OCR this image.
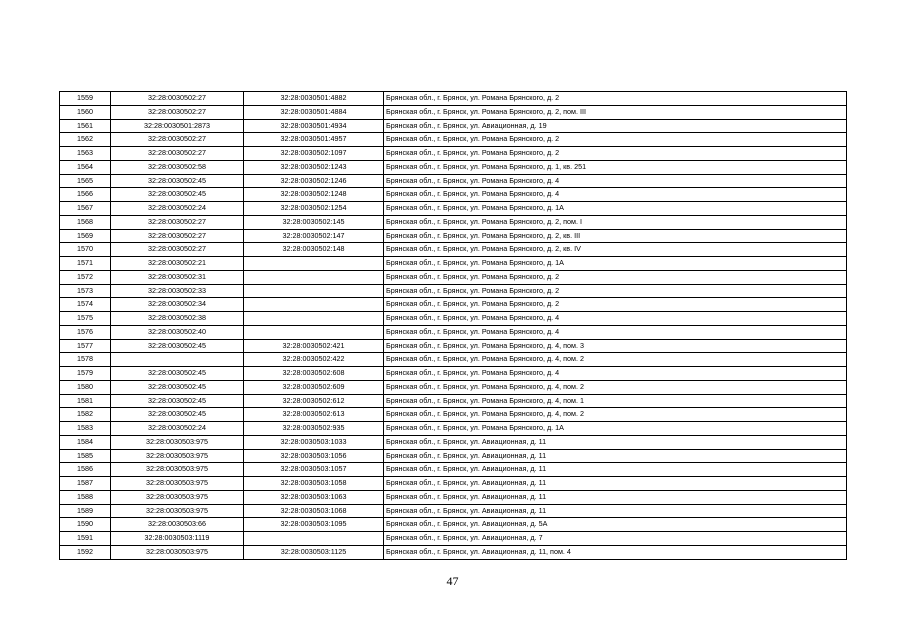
1559	32:28:0030502:27	32:28:0030501:4882	Брянская обл., г. Брянск, ул. Романа Брянского, д. 2
1560	32:28:0030502:27	32:28:0030501:4884	Брянская обл., г. Брянск, ул. Романа Брянского, д. 2, пом. III
1561	32:28:0030501:2873	32:28:0030501:4934	Брянская обл., г. Брянск, ул. Авиационная, д. 19
1562	32:28:0030502:27	32:28:0030501:4957	Брянская обл., г. Брянск, ул. Романа Брянского, д. 2
1563	32:28:0030502:27	32:28:0030502:1097	Брянская обл., г. Брянск, ул. Романа Брянского, д. 2
1564	32:28:0030502:58	32:28:0030502:1243	Брянская обл., г. Брянск, ул. Романа Брянского, д. 1, кв. 251
1565	32:28:0030502:45	32:28:0030502:1246	Брянская обл., г. Брянск, ул. Романа Брянского, д. 4
1566	32:28:0030502:45	32:28:0030502:1248	Брянская обл., г. Брянск, ул. Романа Брянского, д. 4
1567	32:28:0030502:24	32:28:0030502:1254	Брянская обл., г. Брянск, ул. Романа Брянского, д. 1А
1568	32:28:0030502:27	32:28:0030502:145	Брянская обл., г. Брянск, ул. Романа Брянского, д. 2, пом. I
1569	32:28:0030502:27	32:28:0030502:147	Брянская обл., г. Брянск, ул. Романа Брянского, д. 2, кв. III
1570	32:28:0030502:27	32:28:0030502:148	Брянская обл., г. Брянск, ул. Романа Брянского, д. 2, кв. IV
1571	32:28:0030502:21		Брянская обл., г. Брянск, ул. Романа Брянского, д. 1А
1572	32:28:0030502:31		Брянская обл., г. Брянск, ул. Романа Брянского, д. 2
1573	32:28:0030502:33		Брянская обл., г. Брянск, ул. Романа Брянского, д. 2
1574	32:28:0030502:34		Брянская обл., г. Брянск, ул. Романа Брянского, д. 2
1575	32:28:0030502:38		Брянская обл., г. Брянск, ул. Романа Брянского, д. 4
1576	32:28:0030502:40		Брянская обл., г. Брянск, ул. Романа Брянского, д. 4
1577	32:28:0030502:45	32:28:0030502:421	Брянская обл., г. Брянск, ул. Романа Брянского, д. 4, пом. 3
1578		32:28:0030502:422	Брянская обл., г. Брянск, ул. Романа Брянского, д. 4, пом. 2
1579	32:28:0030502:45	32:28:0030502:608	Брянская обл., г. Брянск, ул. Романа Брянского, д. 4
1580	32:28:0030502:45	32:28:0030502:609	Брянская обл., г. Брянск, ул. Романа Брянского, д. 4, пом. 2
1581	32:28:0030502:45	32:28:0030502:612	Брянская обл., г. Брянск, ул. Романа Брянского, д. 4, пом. 1
1582	32:28:0030502:45	32:28:0030502:613	Брянская обл., г. Брянск, ул. Романа Брянского, д. 4, пом. 2
1583	32:28:0030502:24	32:28:0030502:935	Брянская обл., г. Брянск, ул. Романа Брянского, д. 1А
1584	32:28:0030503:975	32:28:0030503:1033	Брянская обл., г. Брянск, ул. Авиационная, д. 11
1585	32:28:0030503:975	32:28:0030503:1056	Брянская обл., г. Брянск, ул. Авиационная, д. 11
1586	32:28:0030503:975	32:28:0030503:1057	Брянская обл., г. Брянск, ул. Авиационная, д. 11
1587	32:28:0030503:975	32:28:0030503:1058	Брянская обл., г. Брянск, ул. Авиационная, д. 11
1588	32:28:0030503:975	32:28:0030503:1063	Брянская обл., г. Брянск, ул. Авиационная, д. 11
1589	32:28:0030503:975	32:28:0030503:1068	Брянская обл., г. Брянск, ул. Авиационная, д. 11
1590	32:28:0030503:66	32:28:0030503:1095	Брянская обл., г. Брянск, ул. Авиационная, д. 5А
1591	32:28:0030503:1119		Брянская обл., г. Брянск, ул. Авиационная, д. 7
1592	32:28:0030503:975	32:28:0030503:1125	Брянская обл., г. Брянск, ул. Авиационная, д. 11, пом. 4
47
